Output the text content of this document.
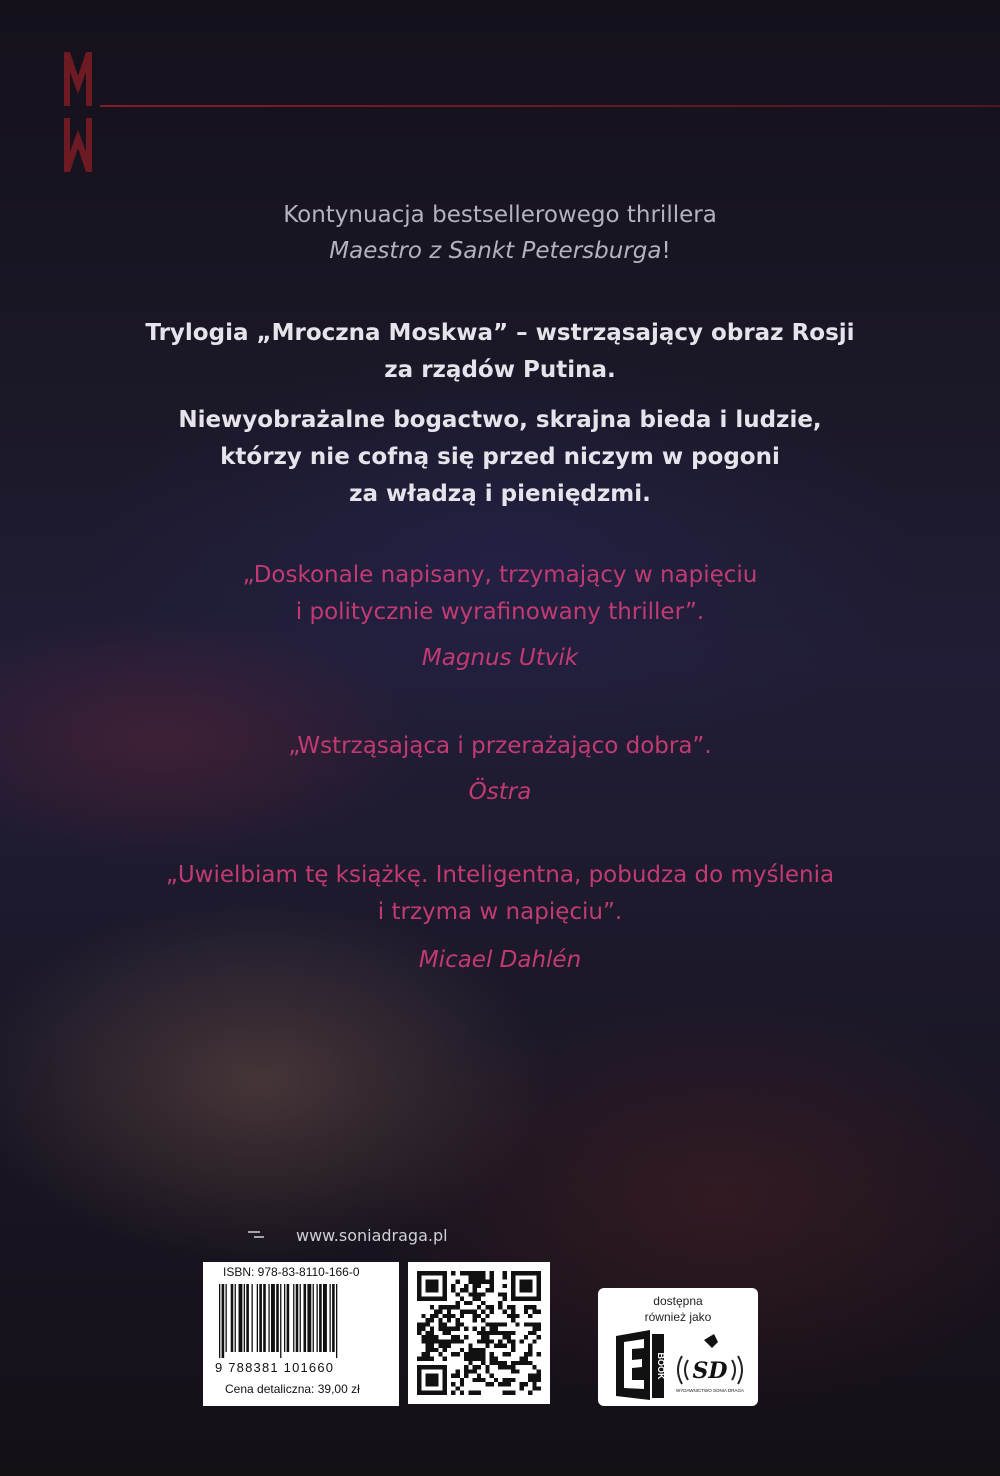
Kontynuacja bestsellerowego thrillera
Maestro z Sankt Petersburga!
Trylogia „Mroczna Moskwa” – wstrząsający obraz Rosji
za rządów Putina.
Niewyobrażalne bogactwo, skrajna bieda i ludzie,
którzy nie cofną się przed niczym w pogoni
za władzą i pieniędzmi.
„Doskonale napisany, trzymający w napięciu
i politycznie wyrafinowany thriller”.
Magnus Utvik
„Wstrząsająca i przerażająco dobra”.
Östra
„Uwielbiam tę książkę. Inteligentna, pobudza do myślenia
i trzyma w napięciu”.
Micael Dahlén
www.soniadraga.pl
ISBN: 978-83-8110-166-0
9 788381 101660
Cena detaliczna: 39,00 zł
dostępna
również jako
BOOK SD
WYDAWNICTWO SONIA DRAGA
